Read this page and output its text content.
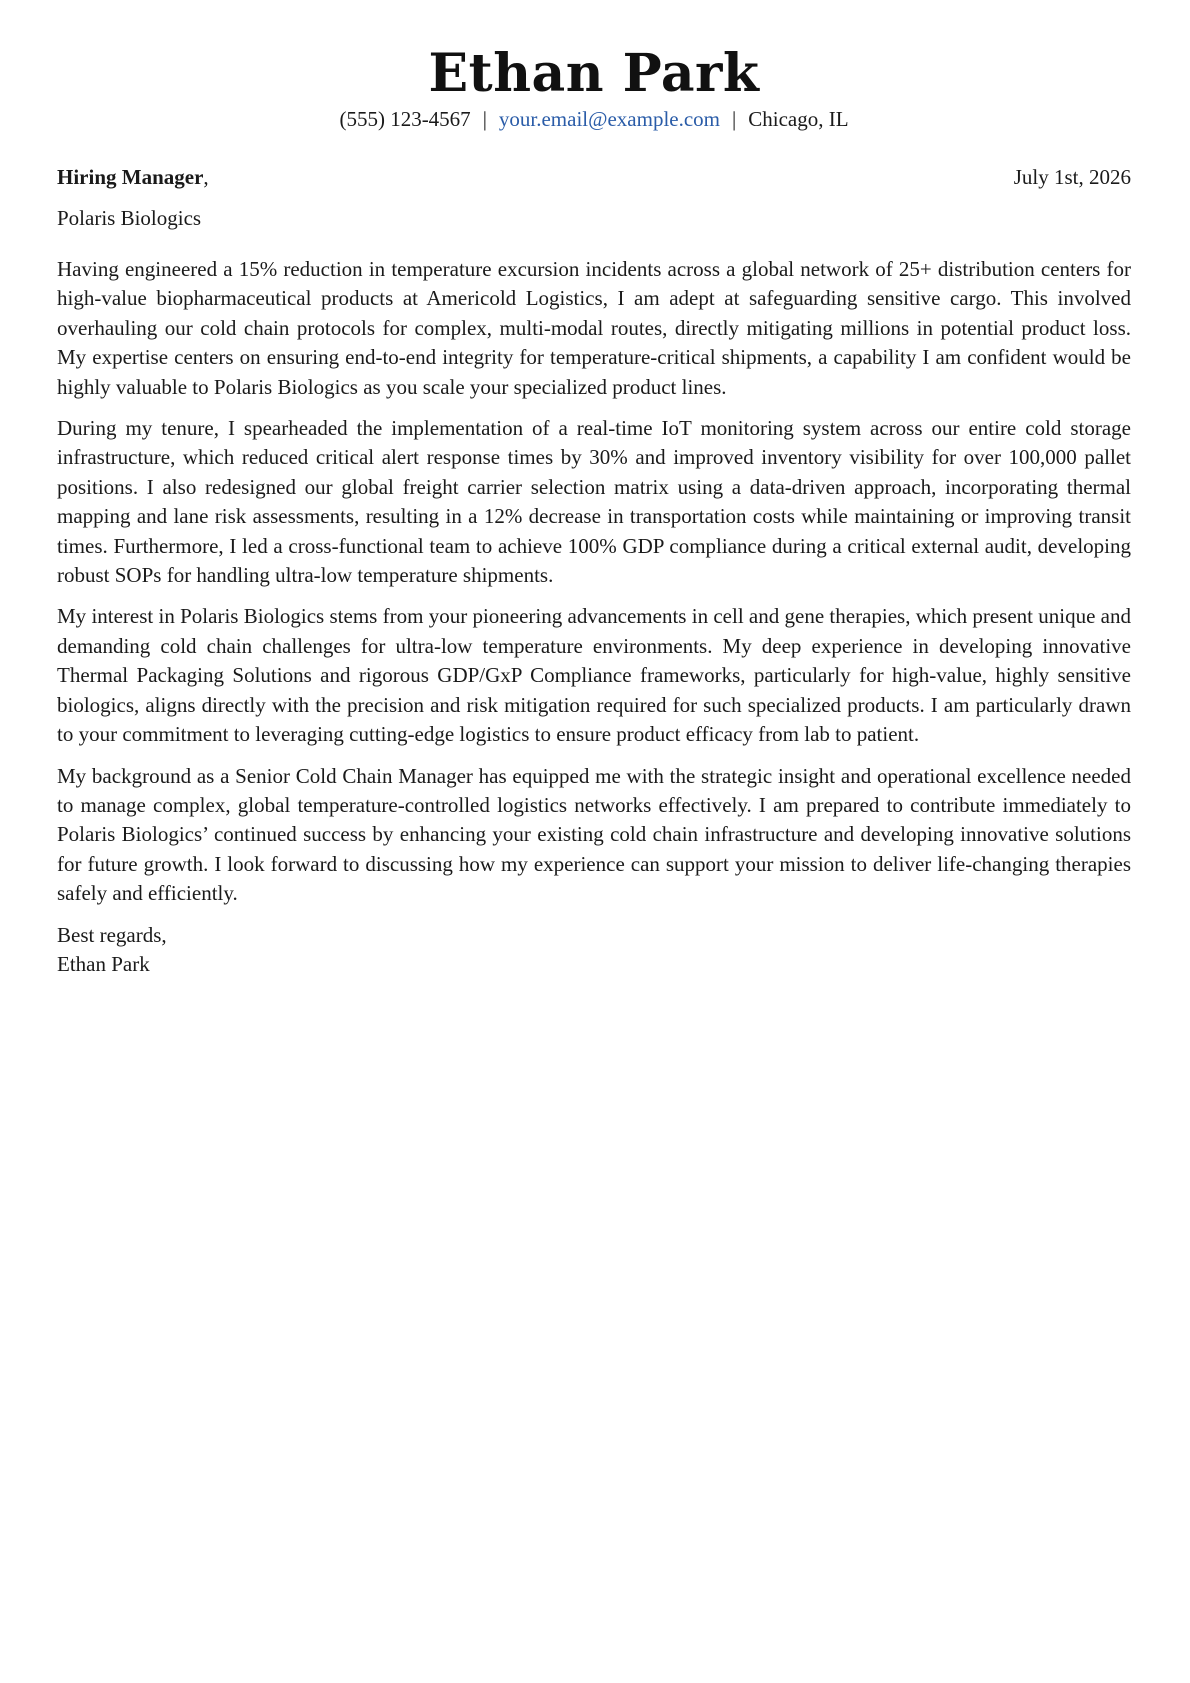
Ethan Park
(555) 123-4567 | your.email@example.com | Chicago, IL
Hiring Manager,	July 1st, 2026
Polaris Biologics

Having engineered a 15% reduction in temperature excursion incidents across a global network of 25+ distribution centers for high-value biopharmaceutical products at Americold Logistics, I am adept at safeguarding sensitive cargo. This involved overhauling our cold chain protocols for complex, multi-modal routes, directly mitigating millions in potential product loss. My expertise centers on ensuring end-to-end integrity for temperature-critical shipments, a capability I am confident would be highly valuable to Polaris Biologics as you scale your specialized product lines.

During my tenure, I spearheaded the implementation of a real-time IoT monitoring system across our entire cold storage infrastructure, which reduced critical alert response times by 30% and improved inventory visibility for over 100,000 pallet positions. I also redesigned our global freight carrier selection matrix using a data-driven approach, incorporating thermal mapping and lane risk assessments, resulting in a 12% decrease in transportation costs while maintaining or improving transit times. Furthermore, I led a cross-functional team to achieve 100% GDP compliance during a critical external audit, developing robust SOPs for handling ultra-low temperature shipments.

My interest in Polaris Biologics stems from your pioneering advancements in cell and gene therapies, which present unique and demanding cold chain challenges for ultra-low temperature environments. My deep experience in developing innovative Thermal Packaging Solutions and rigorous GDP/GxP Compliance frameworks, particularly for high-value, highly sensitive biologics, aligns directly with the precision and risk mitigation required for such specialized products. I am particularly drawn to your commitment to leveraging cutting-edge logistics to ensure product efficacy from lab to patient.

My background as a Senior Cold Chain Manager has equipped me with the strategic insight and operational excellence needed to manage complex, global temperature-controlled logistics networks effectively. I am prepared to contribute immediately to Polaris Biologics’ continued success by enhancing your existing cold chain infrastructure and developing innovative solutions for future growth. I look forward to discussing how my experience can support your mission to deliver life-changing therapies safely and efficiently.

Best regards,
Ethan Park
